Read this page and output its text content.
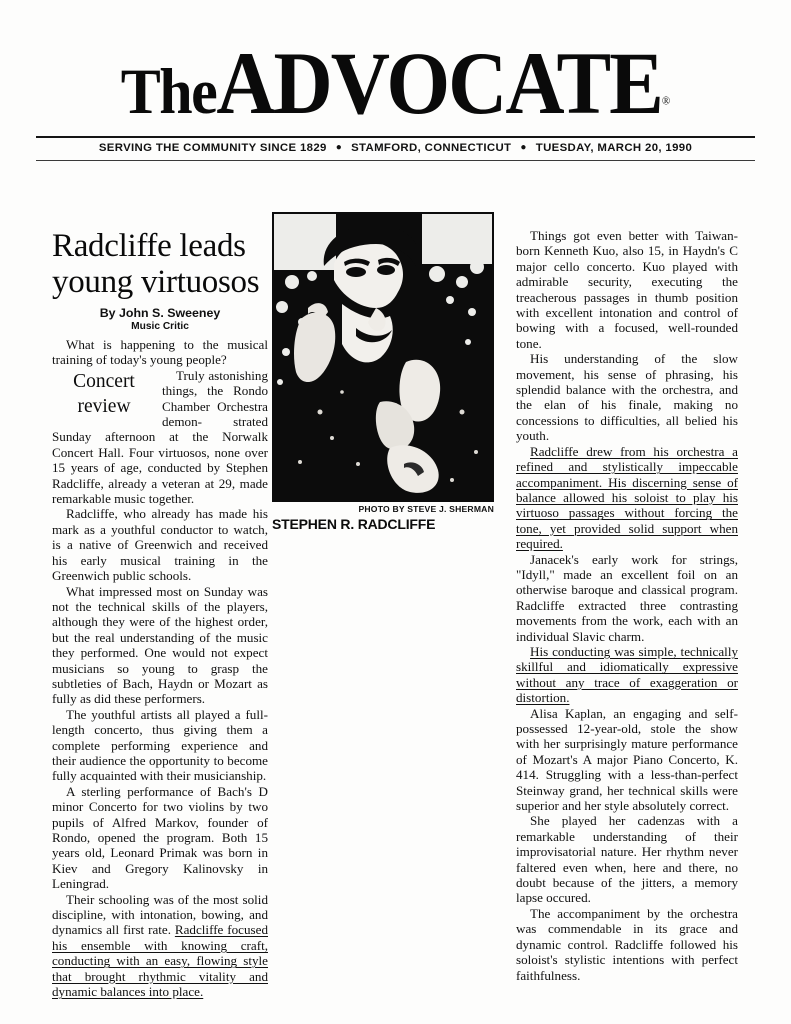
TheADVOCATE®
SERVING THE COMMUNITY SINCE 1829 ● STAMFORD, CONNECTICUT ● TUESDAY, MARCH 20, 1990
Radcliffe leads young virtuosos
By John S. Sweeney
Music Critic

What is happening to the musical training of today's young people?

Concert
review
Truly astonishing things, the Rondo Chamber Orchestra demon- strated Sunday afternoon at the Norwalk Concert Hall. Four virtuosos, none over 15 years of age, conducted by Stephen Radcliffe, already a veteran at 29, made remarkable music together.

Radcliffe, who already has made his mark as a youthful conductor to watch, is a native of Greenwich and received his early musical training in the Greenwich public schools.

What impressed most on Sunday was not the technical skills of the players, although they were of the highest order, but the real understanding of the music they performed. One would not expect musicians so young to grasp the subtleties of Bach, Haydn or Mozart as fully as did these performers.

The youthful artists all played a full-length concerto, thus giving them a complete performing experience and their audience the opportunity to become fully acquainted with their musicianship.

A sterling performance of Bach's D minor Concerto for two violins by two pupils of Alfred Markov, founder of Rondo, opened the program. Both 15 years old, Leonard Primak was born in Kiev and Gregory Kalinovsky in Leningrad.

Their schooling was of the most solid discipline, with intonation, bowing, and dynamics all first rate. Radcliffe focused his ensemble with knowing craft, conducting with an easy, flowing style that brought rhythmic vitality and dynamic balances into place.

PHOTO BY STEVE J. SHERMAN
STEPHEN R. RADCLIFFE

Things got even better with Taiwan-born Kenneth Kuo, also 15, in Haydn's C major cello concerto. Kuo played with admirable security, executing the treacherous passages in thumb position with excellent intonation and control of bowing with a focused, well-rounded tone.

His understanding of the slow movement, his sense of phrasing, his splendid balance with the orchestra, and the elan of his finale, making no concessions to difficulties, all belied his youth.

Radcliffe drew from his orchestra a refined and stylistically impeccable accompaniment. His discerning sense of balance allowed his soloist to play his virtuoso passages without forcing the tone, yet provided solid support when required.

Janacek's early work for strings, "Idyll," made an excellent foil on an otherwise baroque and classical program. Radcliffe extracted three contrasting movements from the work, each with an individual Slavic charm.

His conducting was simple, technically skillful and idiomatically expressive without any trace of exaggeration or distortion.

Alisa Kaplan, an engaging and self-possessed 12-year-old, stole the show with her surprisingly mature performance of Mozart's A major Piano Concerto, K. 414. Struggling with a less-than-perfect Steinway grand, her technical skills were superior and her style absolutely correct.

She played her cadenzas with a remarkable understanding of their improvisatorial nature. Her rhythm never faltered even when, here and there, no doubt because of the jitters, a memory lapse occured.

The accompaniment by the orchestra was commendable in its grace and dynamic control. Radcliffe followed his soloist's stylistic intentions with perfect faithfulness.
